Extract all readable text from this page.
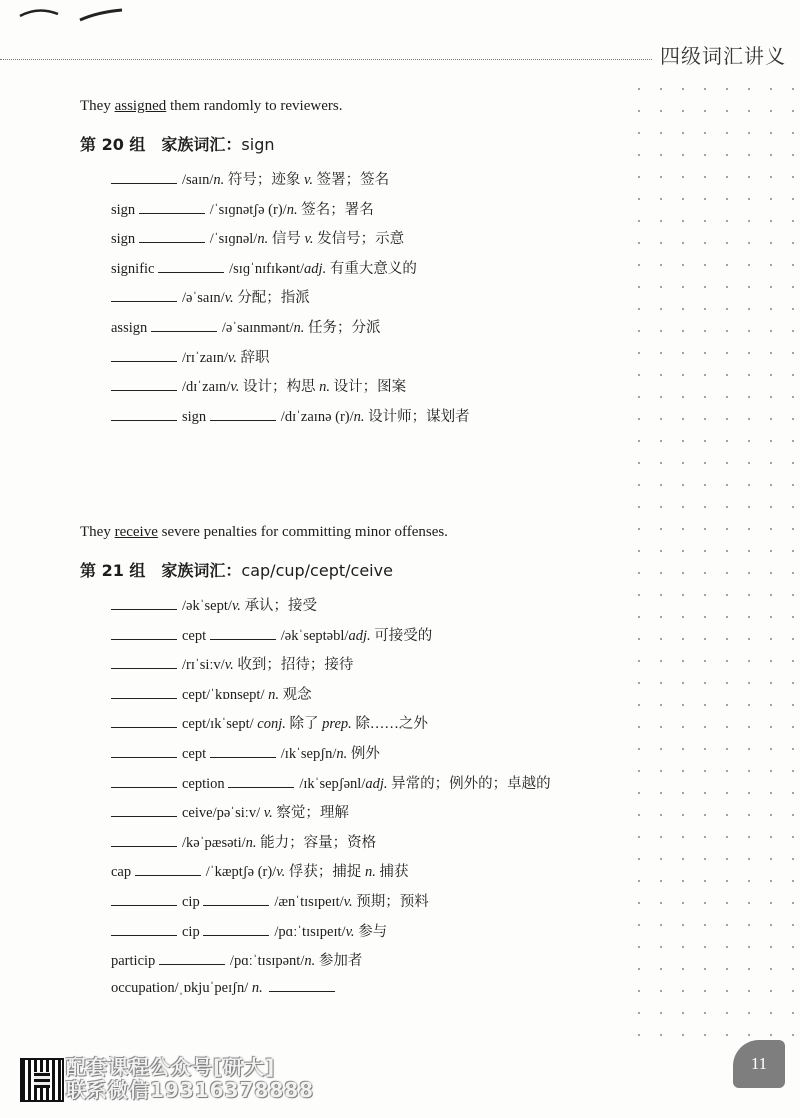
四级词汇讲义
They assigned them randomly to reviewers.
第 20 组　家族词汇：sign
/saɪn/n. 符号；迹象 v. 签署；签名
sign	/ˈsɪɡnətʃə (r)/n. 签名；署名
sign	/ˈsɪɡnəl/n. 信号 v. 发信号；示意
signific	/sɪɡˈnɪfɪkənt/adj. 有重大意义的
/əˈsaɪn/v. 分配；指派
assign	/əˈsaɪnmənt/n. 任务；分派
/rɪˈzaɪn/v. 辞职
/dɪˈzaɪn/v. 设计；构思 n. 设计；图案
sign	/dɪˈzaɪnə (r)/n. 设计师；谋划者
They receive severe penalties for committing minor offenses.
第 21 组　家族词汇：cap/cup/cept/ceive
/əkˈsept/v. 承认；接受
cept	/əkˈseptəbl/adj. 可接受的
/rɪˈsiːv/v. 收到；招待；接待
cept/ˈkɒnsept/ n. 观念
cept/ɪkˈsept/ conj. 除了 prep. 除……之外
cept	/ɪkˈsepʃn/n. 例外
ception	/ɪkˈsepʃənl/adj. 异常的；例外的；卓越的
ceive/pəˈsiːv/ v. 察觉；理解
/kəˈpæsəti/n. 能力；容量；资格
cap	/ˈkæptʃə (r)/v. 俘获；捕捉 n. 捕获
cip	/ænˈtɪsɪpeɪt/v. 预期；预料
cip	/pɑːˈtɪsɪpeɪt/v. 参与
particip	/pɑːˈtɪsɪpənt/n. 参加者
occupation/ˌɒkjuˈpeɪʃn/ n.
配套课程公众号[研大]
联系微信19316378888
11
